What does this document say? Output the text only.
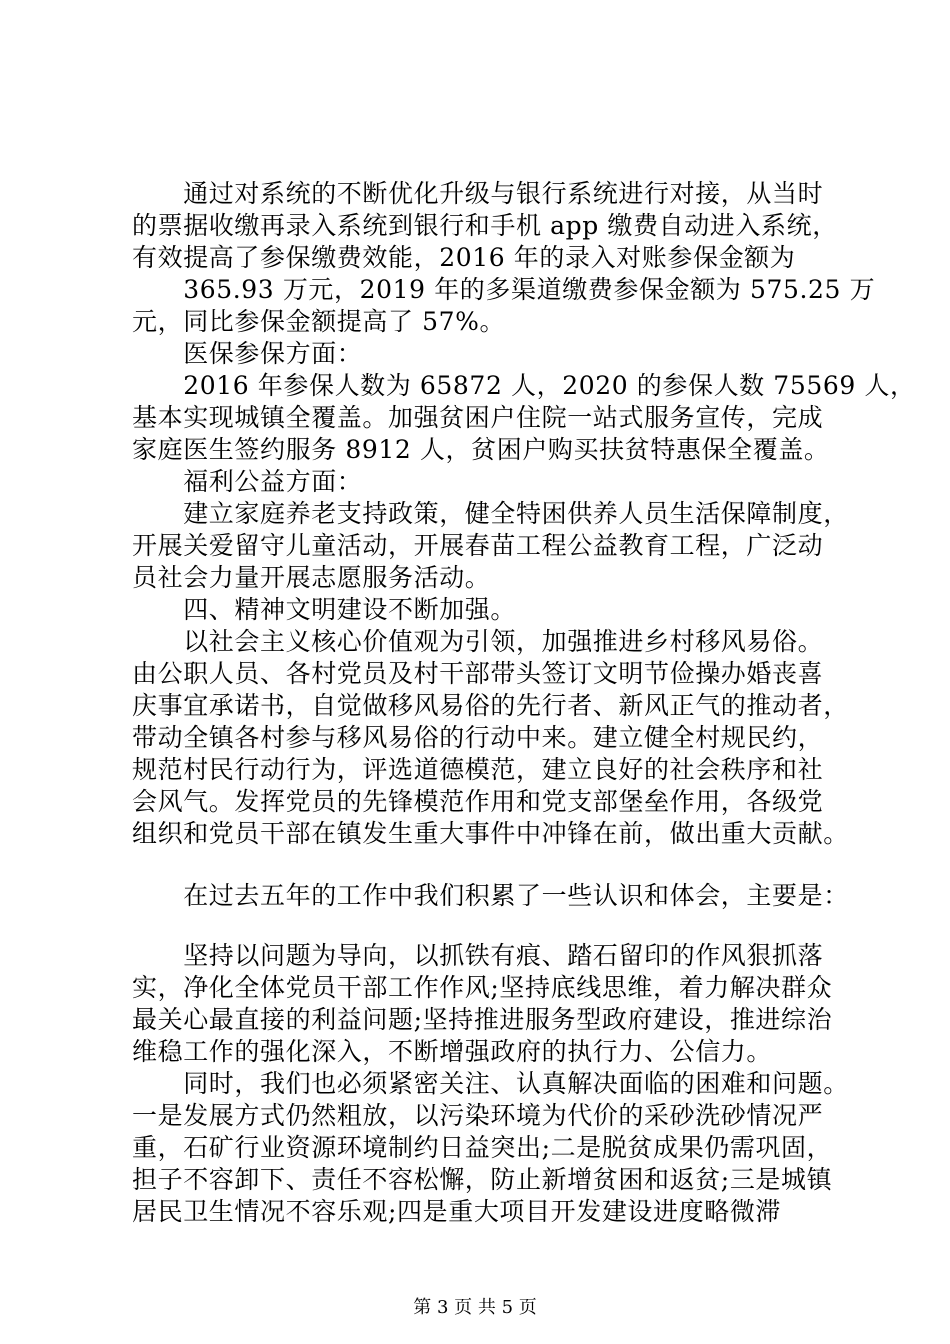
　　通过对系统的不断优化升级与银行系统进行对接，从当时
的票据收缴再录入系统到银行和手机 app 缴费自动进入系统，
有效提高了参保缴费效能，2016 年的录入对账参保金额为
　　365.93 万元，2019 年的多渠道缴费参保金额为 575.25 万
元，同比参保金额提高了 57%。
　　医保参保方面：
　　2016 年参保人数为 65872 人，2020 的参保人数 75569 人，
基本实现城镇全覆盖。加强贫困户住院一站式服务宣传，完成
家庭医生签约服务 8912 人，贫困户购买扶贫特惠保全覆盖。
　　福利公益方面：
　　建立家庭养老支持政策，健全特困供养人员生活保障制度，
开展关爱留守儿童活动，开展春苗工程公益教育工程，广泛动
员社会力量开展志愿服务活动。
　　四、精神文明建设不断加强。
　　以社会主义核心价值观为引领，加强推进乡村移风易俗。
由公职人员、各村党员及村干部带头签订文明节俭操办婚丧喜
庆事宜承诺书，自觉做移风易俗的先行者、新风正气的推动者，
带动全镇各村参与移风易俗的行动中来。建立健全村规民约，
规范村民行动行为，评选道德模范，建立良好的社会秩序和社
会风气。发挥党员的先锋模范作用和党支部堡垒作用，各级党
组织和党员干部在镇发生重大事件中冲锋在前，做出重大贡献。
　　在过去五年的工作中我们积累了一些认识和体会，主要是：
　　坚持以问题为导向，以抓铁有痕、踏石留印的作风狠抓落
实，净化全体党员干部工作作风;坚持底线思维，着力解决群众
最关心最直接的利益问题;坚持推进服务型政府建设，推进综治
维稳工作的强化深入，不断增强政府的执行力、公信力。
　　同时，我们也必须紧密关注、认真解决面临的困难和问题。
一是发展方式仍然粗放，以污染环境为代价的采砂洗砂情况严
重，石矿行业资源环境制约日益突出;二是脱贫成果仍需巩固，
担子不容卸下、责任不容松懈，防止新增贫困和返贫;三是城镇
居民卫生情况不容乐观;四是重大项目开发建设进度略微滞
第 3 页 共 5 页
